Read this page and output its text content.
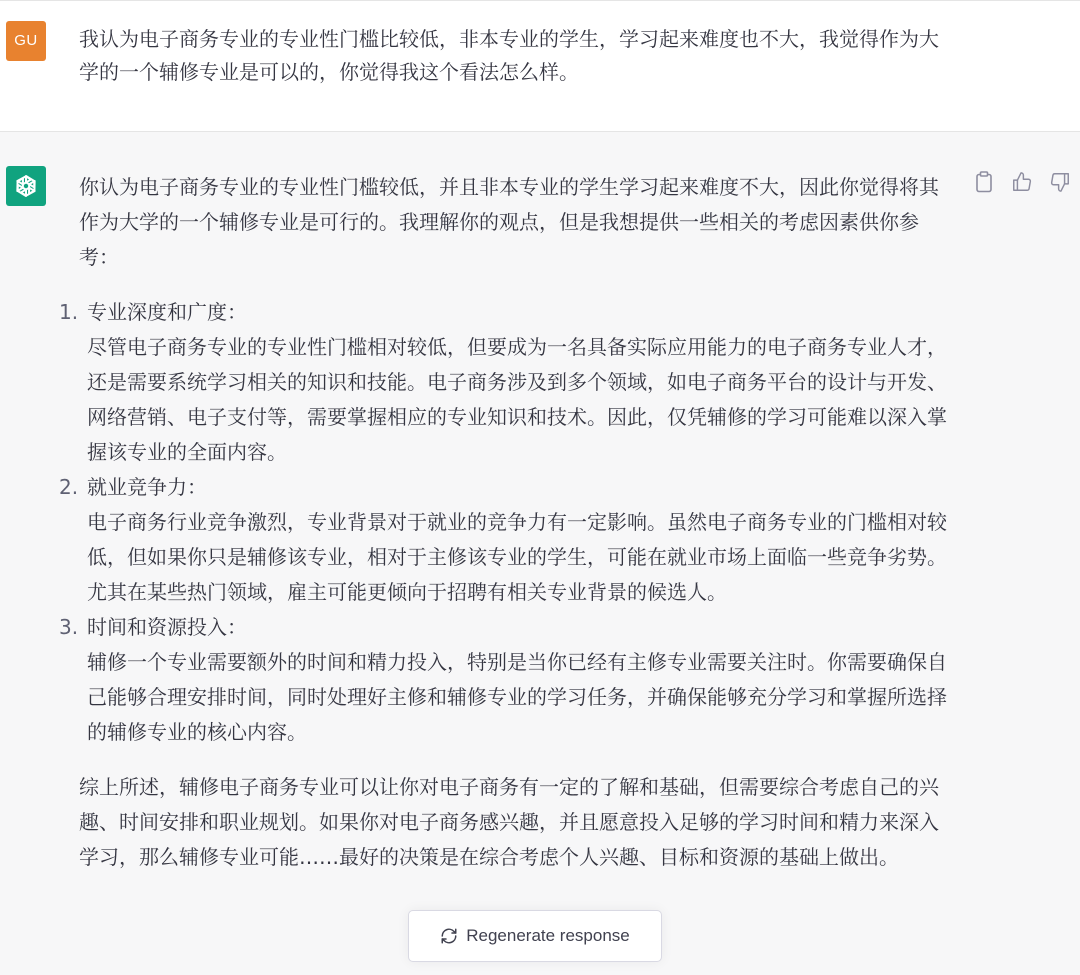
GU	我认为电子商务专业的专业性门槛比较低，非本专业的学生，学习起来难度也不大，我觉得作为大学的一个辅修专业是可以的，你觉得我这个看法怎么样。

你认为电子商务专业的专业性门槛较低，并且非本专业的学生学习起来难度不大，因此你觉得将其作为大学的一个辅修专业是可行的。我理解你的观点，但是我想提供一些相关的考虑因素供你参考：

1. 专业深度和广度：
尽管电子商务专业的专业性门槛相对较低，但要成为一名具备实际应用能力的电子商务专业人才，还是需要系统学习相关的知识和技能。电子商务涉及到多个领域，如电子商务平台的设计与开发、网络营销、电子支付等，需要掌握相应的专业知识和技术。因此，仅凭辅修的学习可能难以深入掌握该专业的全面内容。
2. 就业竞争力：
电子商务行业竞争激烈，专业背景对于就业的竞争力有一定影响。虽然电子商务专业的门槛相对较低，但如果你只是辅修该专业，相对于主修该专业的学生，可能在就业市场上面临一些竞争劣势。尤其在某些热门领域，雇主可能更倾向于招聘有相关专业背景的候选人。
3. 时间和资源投入：
辅修一个专业需要额外的时间和精力投入，特别是当你已经有主修专业需要关注时。你需要确保自己能够合理安排时间，同时处理好主修和辅修专业的学习任务，并确保能够充分学习和掌握所选择的辅修专业的核心内容。

综上所述，辅修电子商务专业可以让你对电子商务有一定的了解和基础，但需要综合考虑自己的兴趣、时间安排和职业规划。如果你对电子商务感兴趣，并且愿意投入足够的学习时间和精力来深入学习，那么辅修专业可能……最好的决策是在综合考虑个人兴趣、目标和资源的基础上做出。

Regenerate response
